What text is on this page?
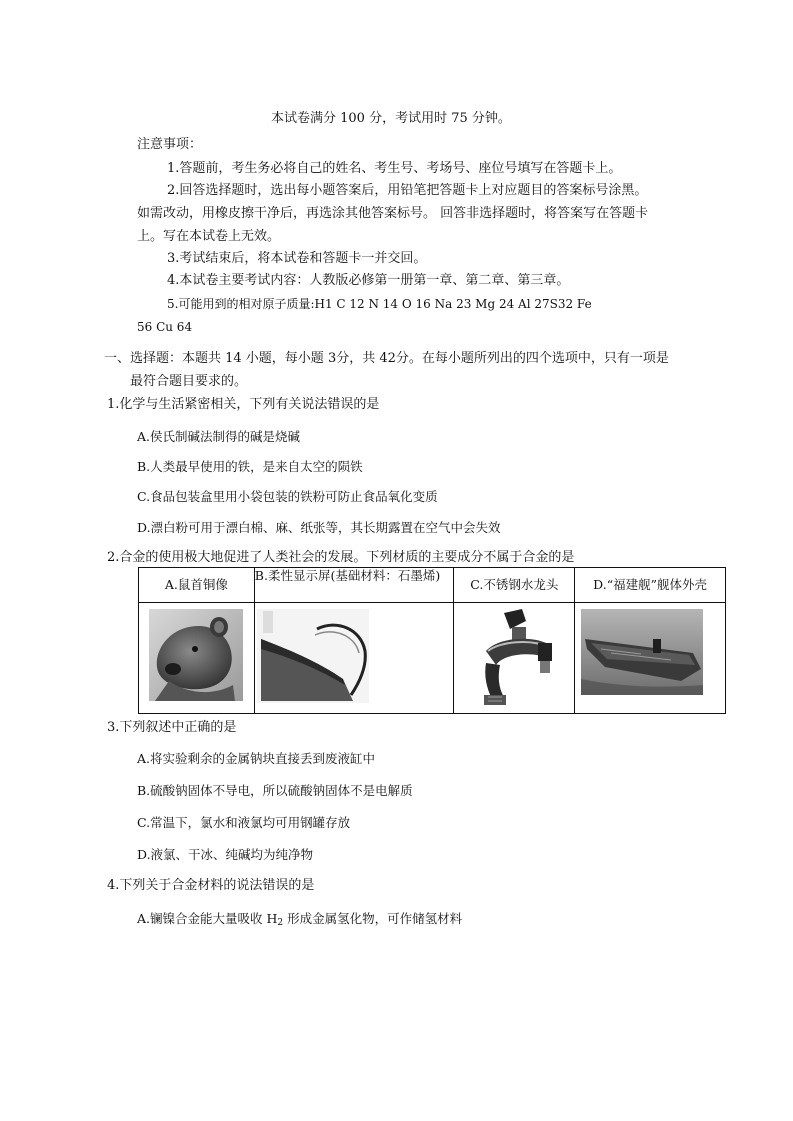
本试卷满分 100 分，考试用时 75 分钟。
注意事项：
1.答题前，考生务必将自己的姓名、考生号、考场号、座位号填写在答题卡上。
2.回答选择题时，选出每小题答案后，用铅笔把答题卡上对应题目的答案标号涂黑。
如需改动，用橡皮擦干净后，再选涂其他答案标号。 回答非选择题时，将答案写在答题卡
上。写在本试卷上无效。
3.考试结束后，将本试卷和答题卡一并交回。
4.本试卷主要考试内容：人教版必修第一册第一章、第二章、第三章。
5.可能用到的相对原子质量:H1 C 12 N 14 O 16 Na 23 Mg 24 Al 27S32 Fe
56 Cu 64
一、选择题：本题共 14 小题，每小题 3分，共 42分。在每小题所列出的四个选项中，只有一项是
最符合题目要求的。
1.化学与生活紧密相关，下列有关说法错误的是
A.侯氏制碱法制得的碱是烧碱
B.人类最早使用的铁，是来自太空的陨铁
C.食品包装盒里用小袋包装的铁粉可防止食品氧化变质
D.漂白粉可用于漂白棉、麻、纸张等，其长期露置在空气中会失效
2.合金的使用极大地促进了人类社会的发展。下列材质的主要成分不属于合金的是
A.鼠首铜像	B.柔性显示屏(基础材料：石墨烯)	C.不锈钢水龙头	D.“福建舰”舰体外壳

3.下列叙述中正确的是
A.将实验剩余的金属钠块直接丢到废液缸中
B.硫酸钠固体不导电，所以硫酸钠固体不是电解质
C.常温下，氯水和液氯均可用钢罐存放
D.液氯、干冰、纯碱均为纯净物
4.下列关于合金材料的说法错误的是
A.镧镍合金能大量吸收 $H_2$ 形成金属氢化物，可作储氢材料
